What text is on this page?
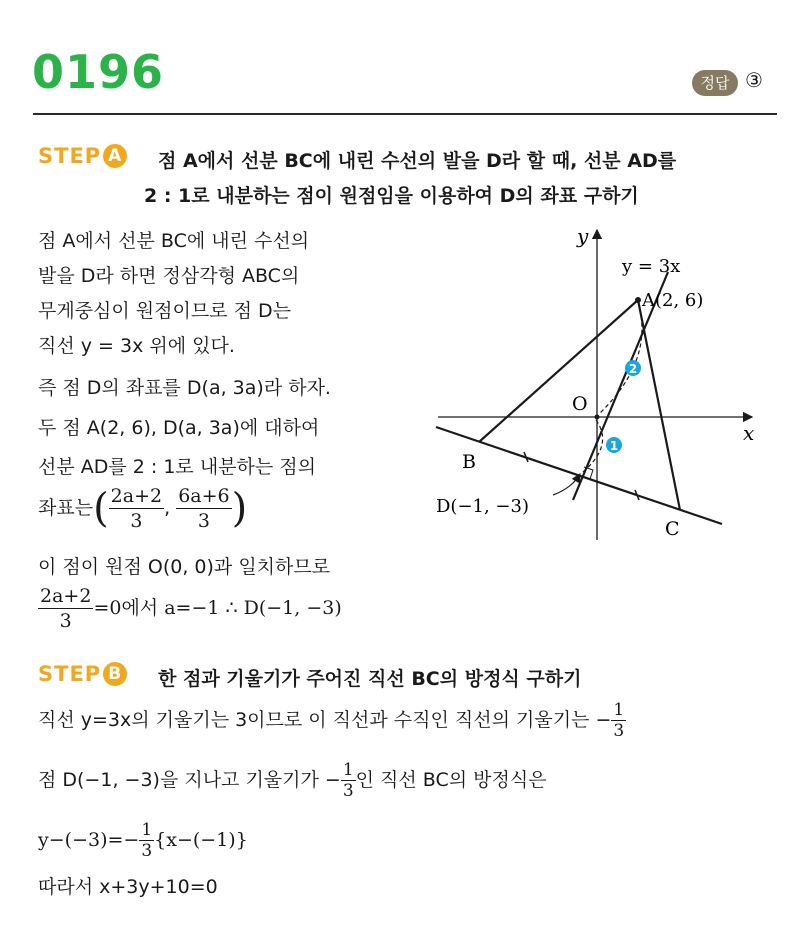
0196	정답 ③
STEP A 점 A에서 선분 BC에 내린 수선의 발을 D라 할 때, 선분 AD를
2 : 1로 내분하는 점이 원점임을 이용하여 D의 좌표 구하기
점 A에서 선분 BC에 내린 수선의
발을 D라 하면 정삼각형 ABC의
무게중심이 원점이므로 점 D는
직선 y = 3x 위에 있다.
즉 점 D의 좌표를 D(a, 3a)라 하자.
두 점 A(2, 6), D(a, 3a)에 대하여
선분 AD를 2 : 1로 내분하는 점의
좌표는( $\frac{2a+2}{3}$ , $\frac{6a+6}{3}$ )
이 점이 원점 O(0, 0)과 일치하므로
$\frac{2a+2}{3} =0$에서 a=−1 ∴ D(−1, −3)
2
1
x
y
y = 3x
A(2, 6)
O
B
C
D(−1, −3)
STEP B 한 점과 기울기가 주어진 직선 BC의 방정식 구하기
직선 y=3x의 기울기는 3이므로 이 직선과 수직인 직선의 기울기는 − $\frac{1}{3}$
점 D(−1, −3)을 지나고 기울기가 − $\frac{1}{3}$ 인 직선 BC의 방정식은
$y-(-3)=- \frac{1}{3} \{x-(-1)\}$
따라서 x+3y+10=0
